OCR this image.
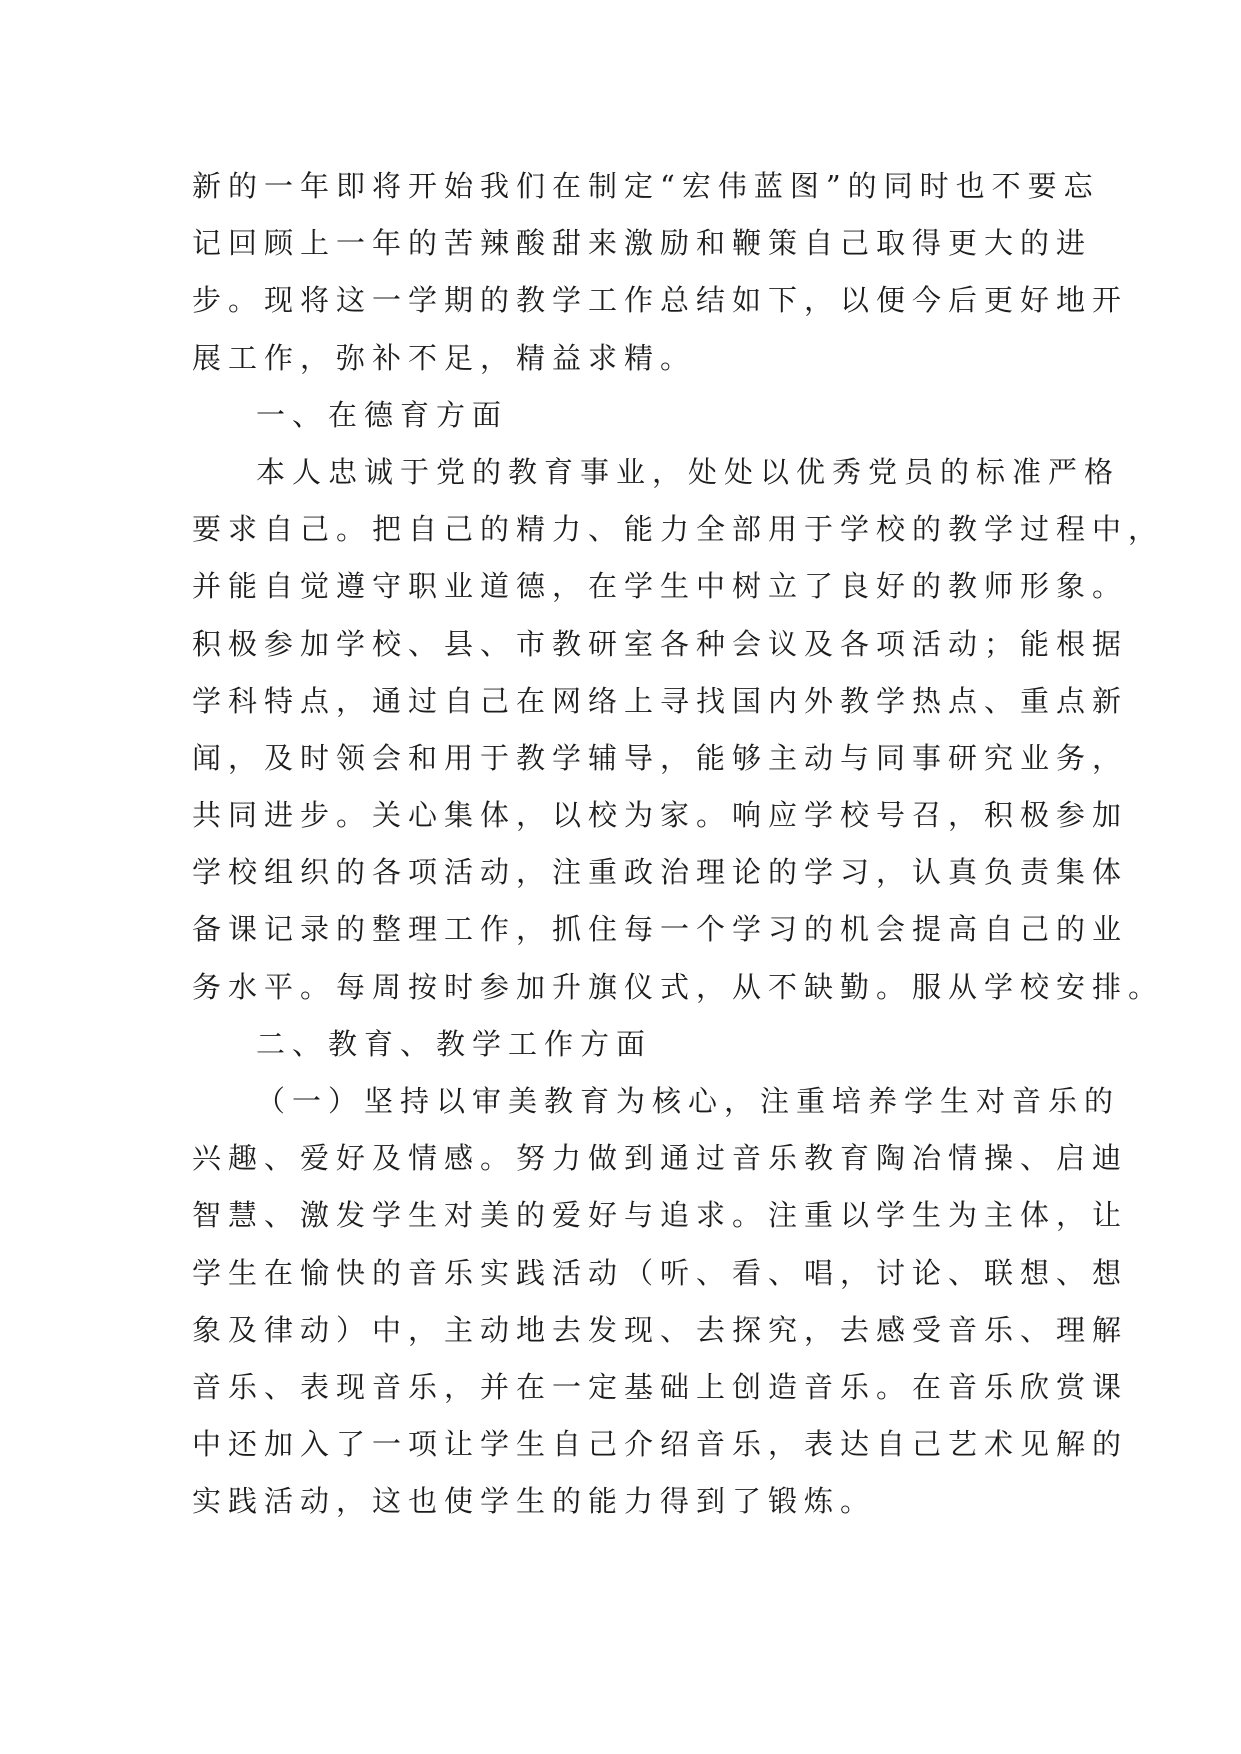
新的一年即将开始我们在制定“宏伟蓝图”的同时也不要忘
记回顾上一年的苦辣酸甜来激励和鞭策自己取得更大的进
步。现将这一学期的教学工作总结如下，以便今后更好地开
展工作，弥补不足，精益求精。
一、在德育方面
本人忠诚于党的教育事业，处处以优秀党员的标准严格
要求自己。把自己的精力、能力全部用于学校的教学过程中，
并能自觉遵守职业道德，在学生中树立了良好的教师形象。
积极参加学校、县、市教研室各种会议及各项活动；能根据
学科特点，通过自己在网络上寻找国内外教学热点、重点新
闻，及时领会和用于教学辅导，能够主动与同事研究业务，
共同进步。关心集体，以校为家。响应学校号召，积极参加
学校组织的各项活动，注重政治理论的学习，认真负责集体
备课记录的整理工作，抓住每一个学习的机会提高自己的业
务水平。每周按时参加升旗仪式，从不缺勤。服从学校安排。
二、教育、教学工作方面
（一）坚持以审美教育为核心，注重培养学生对音乐的
兴趣、爱好及情感。努力做到通过音乐教育陶冶情操、启迪
智慧、激发学生对美的爱好与追求。注重以学生为主体，让
学生在愉快的音乐实践活动（听、看、唱，讨论、联想、想
象及律动）中，主动地去发现、去探究，去感受音乐、理解
音乐、表现音乐，并在一定基础上创造音乐。在音乐欣赏课
中还加入了一项让学生自己介绍音乐，表达自己艺术见解的
实践活动，这也使学生的能力得到了锻炼。
